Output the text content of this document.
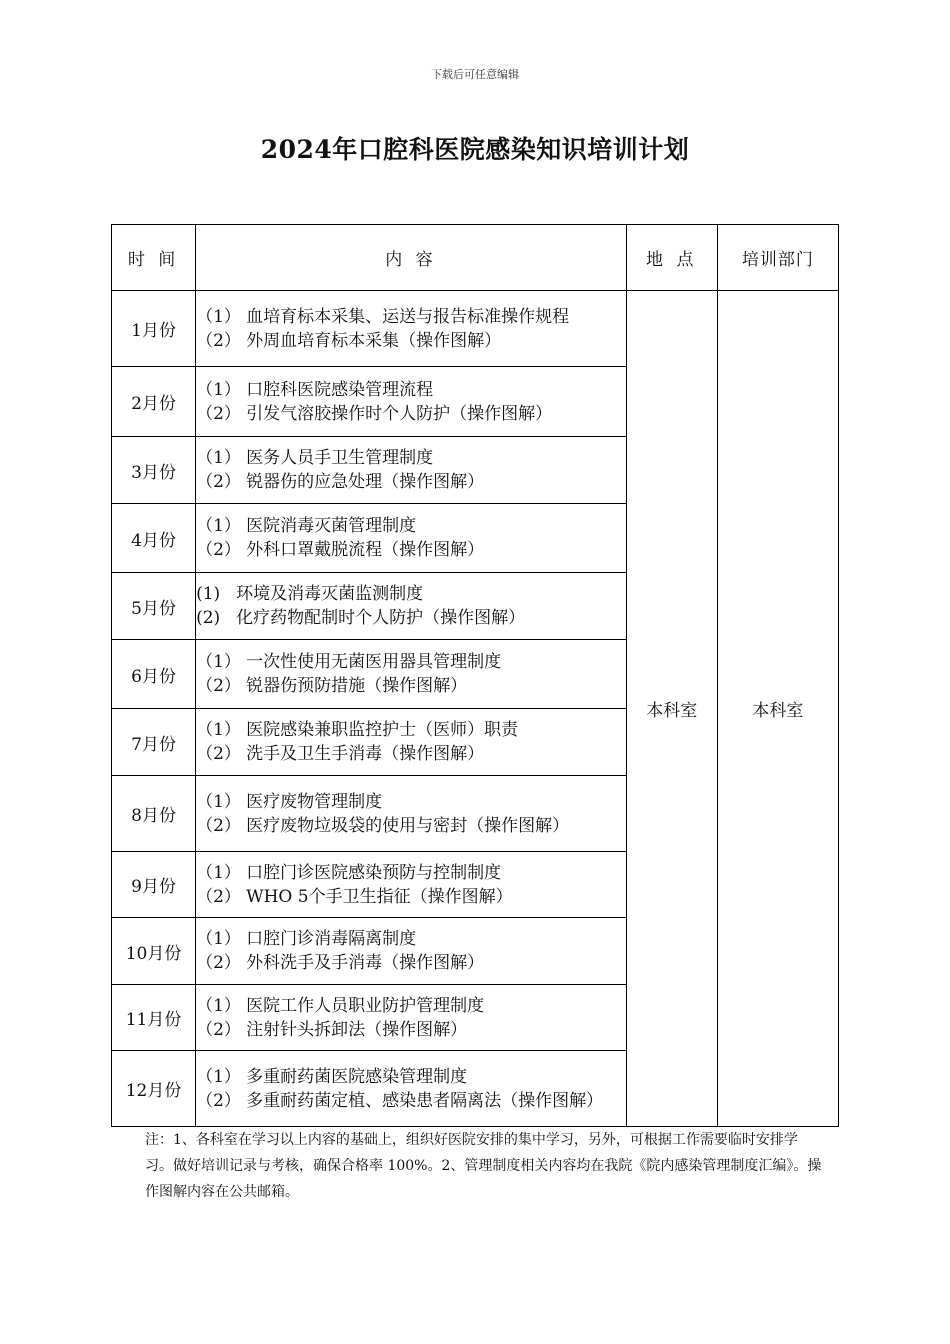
下载后可任意编辑
2024年口腔科医院感染知识培训计划
时 间	内 容	地 点	培训部门
1月份	（1） 血培育标本采集、运送与报告标准操作规程
（2） 外周血培育标本采集（操作图解）	本科室	本科室
2月份	（1） 口腔科医院感染管理流程
（2） 引发气溶胶操作时个人防护（操作图解）		

3月份	（1） 医务人员手卫生管理制度
（2） 锐器伤的应急处理（操作图解）		

4月份	（1） 医院消毒灭菌管理制度
（2） 外科口罩戴脱流程（操作图解）		

5月份	(1) 环境及消毒灭菌监测制度
(2) 化疗药物配制时个人防护（操作图解）		

6月份	（1） 一次性使用无菌医用器具管理制度
（2） 锐器伤预防措施（操作图解）		

7月份	（1） 医院感染兼职监控护士（医师）职责
（2） 洗手及卫生手消毒（操作图解）		

8月份	（1） 医疗废物管理制度
（2） 医疗废物垃圾袋的使用与密封（操作图解）		

9月份	（1） 口腔门诊医院感染预防与控制制度
（2） WHO 5个手卫生指征（操作图解）		

10月份	（1） 口腔门诊消毒隔离制度
（2） 外科洗手及手消毒（操作图解）		

11月份	（1） 医院工作人员职业防护管理制度
（2） 注射针头拆卸法（操作图解）		

12月份	（1） 多重耐药菌医院感染管理制度
（2） 多重耐药菌定植、感染患者隔离法（操作图解）		
注：1、各科室在学习以上内容的基础上，组织好医院安排的集中学习，另外，可根据工作需要临时安排学习。做好培训记录与考核，确保合格率 100%。2、管理制度相关内容均在我院《院内感染管理制度汇编》。操作图解内容在公共邮箱。
